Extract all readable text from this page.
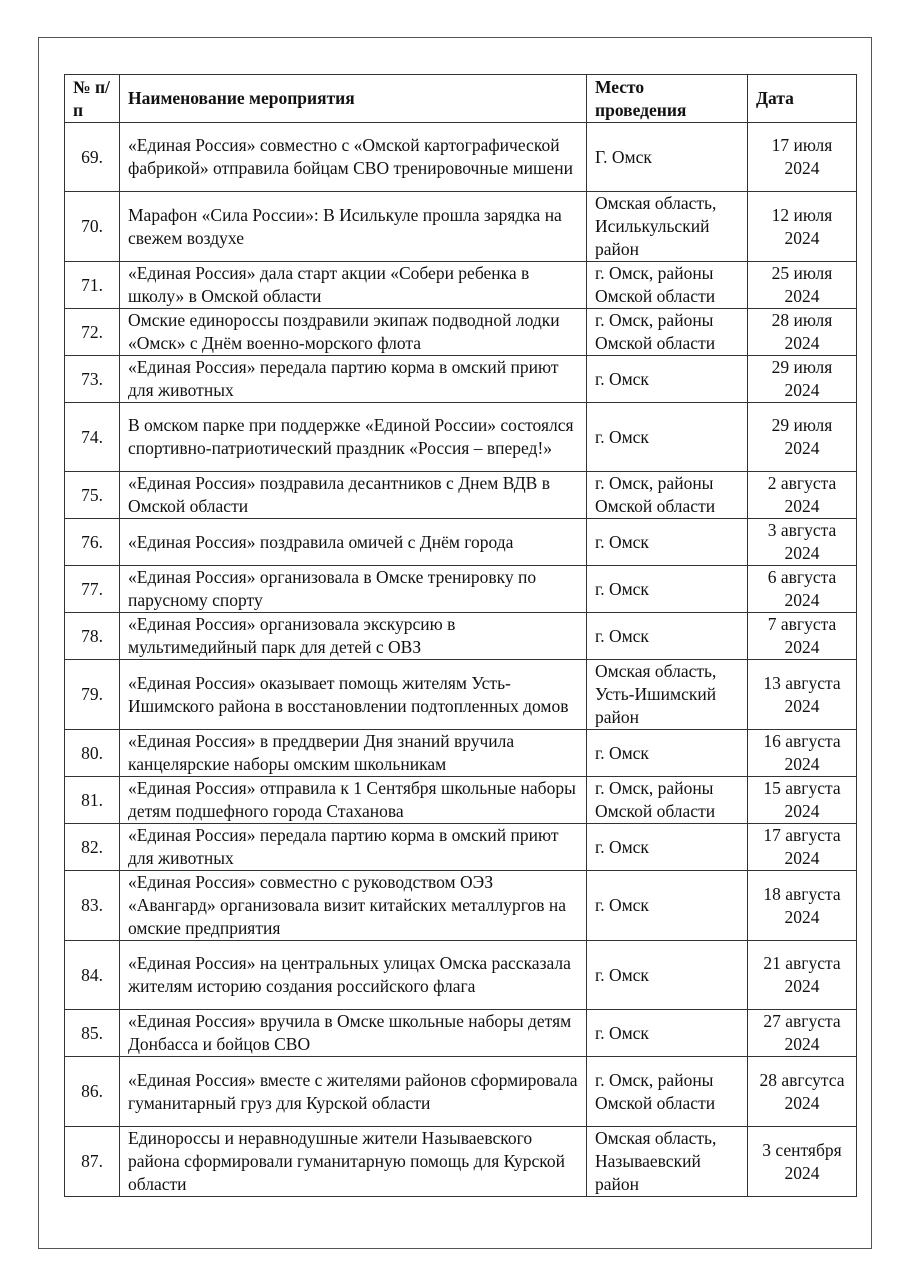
№ п/п	Наименование мероприятия	Место проведения	Дата
69.	«Единая Россия» совместно с «Омской картографической фабрикой» отправила бойцам СВО тренировочные мишени	Г. Омск	17 июля 2024
70.	Марафон «Сила России»: В Исилькуле прошла зарядка на свежем воздухе	Омская область, Исилькульский район	12 июля 2024
71.	«Единая Россия» дала старт акции «Собери ребенка в школу» в Омской области	г. Омск, районы Омской области	25 июля 2024
72.	Омские единороссы поздравили экипаж подводной лодки «Омск» с Днём военно-морского флота	г. Омск, районы Омской области	28 июля 2024
73.	«Единая Россия» передала партию корма в омский приют для животных	г. Омск	29 июля 2024
74.	В омском парке при поддержке «Единой России» состоялся спортивно-патриотический праздник «Россия – вперед!»	г. Омск	29 июля 2024
75.	«Единая Россия» поздравила десантников с Днем ВДВ в Омской области	г. Омск, районы Омской области	2 августа 2024
76.	«Единая Россия» поздравила омичей с Днём города	г. Омск	3 августа 2024
77.	«Единая Россия» организовала в Омске тренировку по парусному спорту	г. Омск	6 августа 2024
78.	«Единая Россия» организовала экскурсию в мультимедийный парк для детей с ОВЗ	г. Омск	7 августа 2024
79.	«Единая Россия» оказывает помощь жителям Усть-Ишимского района в восстановлении подтопленных домов	Омская область, Усть-Ишимский район	13 августа 2024
80.	«Единая Россия» в преддверии Дня знаний вручила канцелярские наборы омским школьникам	г. Омск	16 августа 2024
81.	«Единая Россия» отправила к 1 Сентября школьные наборы детям подшефного города Стаханова	г. Омск, районы Омской области	15 августа 2024
82.	«Единая Россия» передала партию корма в омский приют для животных	г. Омск	17 августа 2024
83.	«Единая Россия» совместно с руководством ОЭЗ «Авангард» организовала визит китайских металлургов на омские предприятия	г. Омск	18 августа 2024
84.	«Единая Россия» на центральных улицах Омска рассказала жителям историю создания российского флага	г. Омск	21 августа 2024
85.	«Единая Россия» вручила в Омске школьные наборы детям Донбасса и бойцов СВО	г. Омск	27 августа 2024
86.	«Единая Россия» вместе с жителями районов сформировала гуманитарный груз для Курской области	г. Омск, районы Омской области	28 авгсутса 2024
87.	Единороссы и неравнодушные жители Называевского района сформировали гуманитарную помощь для Курской области	Омская область, Называевский район	3 сентября 2024
